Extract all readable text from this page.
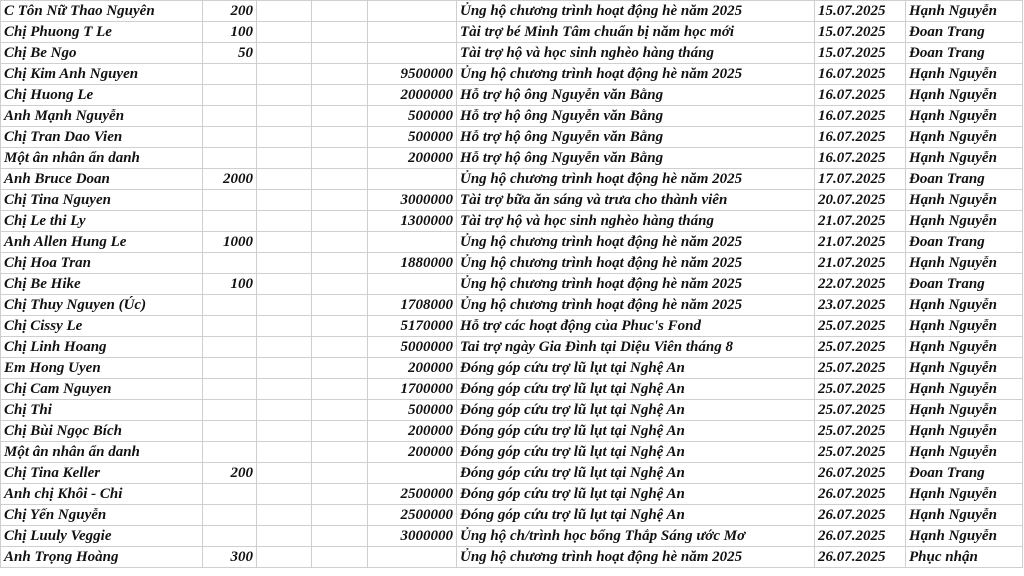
C Tôn Nữ Thao Nguyên	200				Ủng hộ chương trình hoạt động hè năm 2025	15.07.2025	Hạnh Nguyễn
Chị Phuong T Le	100				Tài trợ bé Minh Tâm chuẩn bị năm học mới	15.07.2025	Đoan Trang
Chị Be Ngo	50				Tài trợ hộ và học sinh nghèo hàng tháng	15.07.2025	Đoan Trang
Chị Kim Anh Nguyen				9500000	Ủng hộ chương trình hoạt động hè năm 2025	16.07.2025	Hạnh Nguyễn
Chị Huong Le				2000000	Hỗ trợ hộ ông Nguyễn văn Bằng	16.07.2025	Hạnh Nguyễn
Anh Mạnh Nguyễn				500000	Hỗ trợ hộ ông Nguyễn văn Bằng	16.07.2025	Hạnh Nguyễn
Chị Tran Dao Vien				500000	Hỗ trợ hộ ông Nguyễn văn Bằng	16.07.2025	Hạnh Nguyễn
Một ân nhân ẩn danh				200000	Hỗ trợ hộ ông Nguyễn văn Bằng	16.07.2025	Hạnh Nguyễn
Anh Bruce Doan	2000				Ủng hộ chương trình hoạt động hè năm 2025	17.07.2025	Đoan Trang
Chị Tina Nguyen				3000000	Tài trợ bữa ăn sáng và trưa cho thành viên	20.07.2025	Hạnh Nguyễn
Chị Le thi Ly				1300000	Tài trợ hộ và học sinh nghèo hàng tháng	21.07.2025	Hạnh Nguyễn
Anh Allen Hung Le	1000				Ủng hộ chương trình hoạt động hè năm 2025	21.07.2025	Đoan Trang
Chị Hoa Tran				1880000	Ủng hộ chương trình hoạt động hè năm 2025	21.07.2025	Hạnh Nguyễn
Chị Be Hike	100				Ủng hộ chương trình hoạt động hè năm 2025	22.07.2025	Đoan Trang
Chị Thuy Nguyen (Úc)				1708000	Ủng hộ chương trình hoạt động hè năm 2025	23.07.2025	Hạnh Nguyễn
Chị Cissy Le				5170000	Hỗ trợ các hoạt động của Phuc's Fond	25.07.2025	Hạnh Nguyễn
Chị Linh Hoang				5000000	Tai trợ ngày Gia Đình tại Diệu Viên tháng 8	25.07.2025	Hạnh Nguyễn
Em Hong Uyen				200000	Đóng góp cứu trợ lũ lụt tại Nghệ An	25.07.2025	Hạnh Nguyễn
Chị Cam Nguyen				1700000	Đóng góp cứu trợ lũ lụt tại Nghệ An	25.07.2025	Hạnh Nguyễn
Chị Thi				500000	Đóng góp cứu trợ lũ lụt tại Nghệ An	25.07.2025	Hạnh Nguyễn
Chị Bùi Ngọc Bích				200000	Đóng góp cứu trợ lũ lụt tại Nghệ An	25.07.2025	Hạnh Nguyễn
Một ân nhân ẩn danh				200000	Đóng góp cứu trợ lũ lụt tại Nghệ An	25.07.2025	Hạnh Nguyễn
Chị Tina Keller	200				Đóng góp cứu trợ lũ lụt tại Nghệ An	26.07.2025	Đoan Trang
Anh chị Khôi - Chi				2500000	Đóng góp cứu trợ lũ lụt tại Nghệ An	26.07.2025	Hạnh Nguyễn
Chị Yến Nguyễn				2500000	Đóng góp cứu trợ lũ lụt tại Nghệ An	26.07.2025	Hạnh Nguyễn
Chị Luuly Veggie				3000000	Ủng hộ ch/trình học bổng Thắp Sáng ước Mơ	26.07.2025	Hạnh Nguyễn
Anh Trọng Hoàng	300				Ủng hộ chương trình hoạt động hè năm 2025	26.07.2025	Phục nhận
